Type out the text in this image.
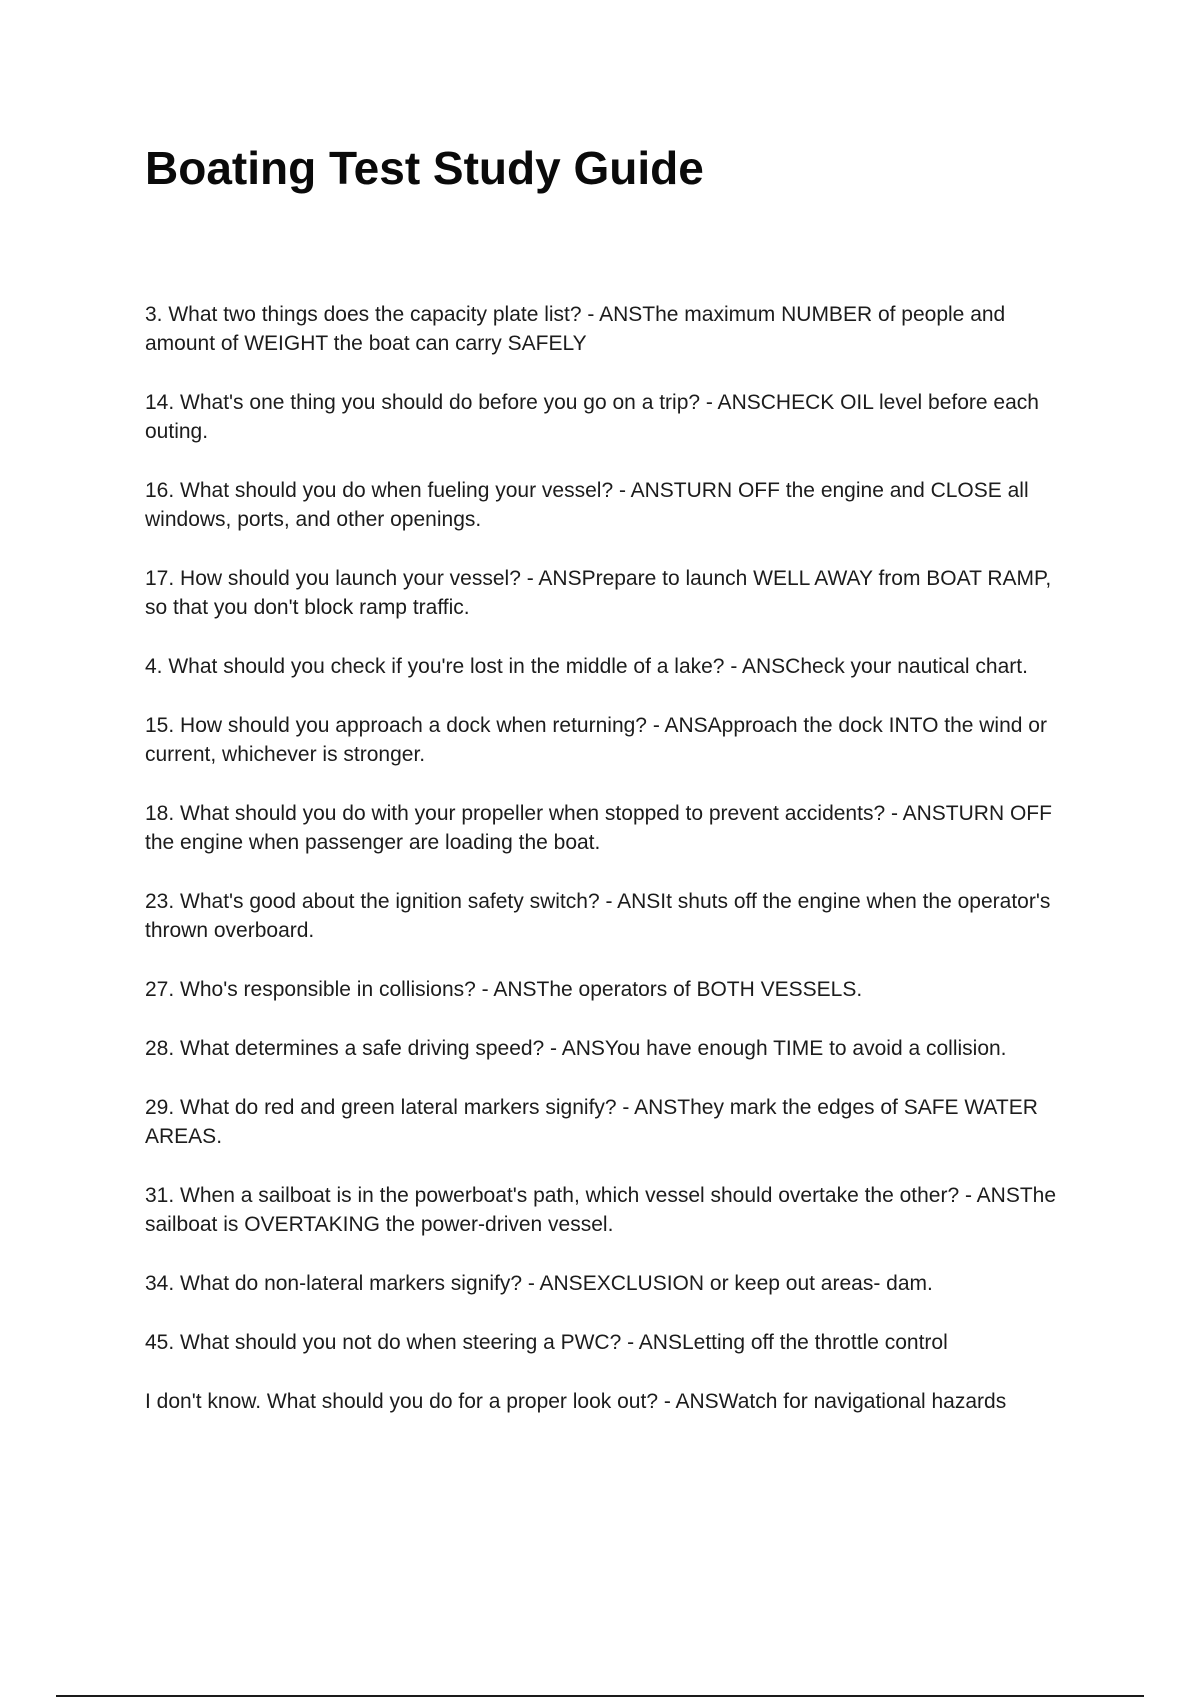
Boating Test Study Guide
3. What two things does the capacity plate list? - ANSThe maximum NUMBER of people and amount of WEIGHT the boat can carry SAFELY
14. What's one thing you should do before you go on a trip? - ANSCHECK OIL level before each outing.
16. What should you do when fueling your vessel? - ANSTURN OFF the engine and CLOSE all windows, ports, and other openings.
17. How should you launch your vessel? - ANSPrepare to launch WELL AWAY from BOAT RAMP, so that you don't block ramp traffic.
4. What should you check if you're lost in the middle of a lake? - ANSCheck your nautical chart.
15. How should you approach a dock when returning? - ANSApproach the dock INTO the wind or current, whichever is stronger.
18. What should you do with your propeller when stopped to prevent accidents? - ANSTURN OFF the engine when passenger are loading the boat.
23. What's good about the ignition safety switch? - ANSIt shuts off the engine when the operator's thrown overboard.
27. Who's responsible in collisions? - ANSThe operators of BOTH VESSELS.
28. What determines a safe driving speed? - ANSYou have enough TIME to avoid a collision.
29. What do red and green lateral markers signify? - ANSThey mark the edges of SAFE WATER AREAS.
31. When a sailboat is in the powerboat's path, which vessel should overtake the other? - ANSThe sailboat is OVERTAKING the power-driven vessel.
34. What do non-lateral markers signify? - ANSEXCLUSION or keep out areas- dam.
45. What should you not do when steering a PWC? - ANSLetting off the throttle control
I don't know. What should you do for a proper look out? - ANSWatch for navigational hazards
